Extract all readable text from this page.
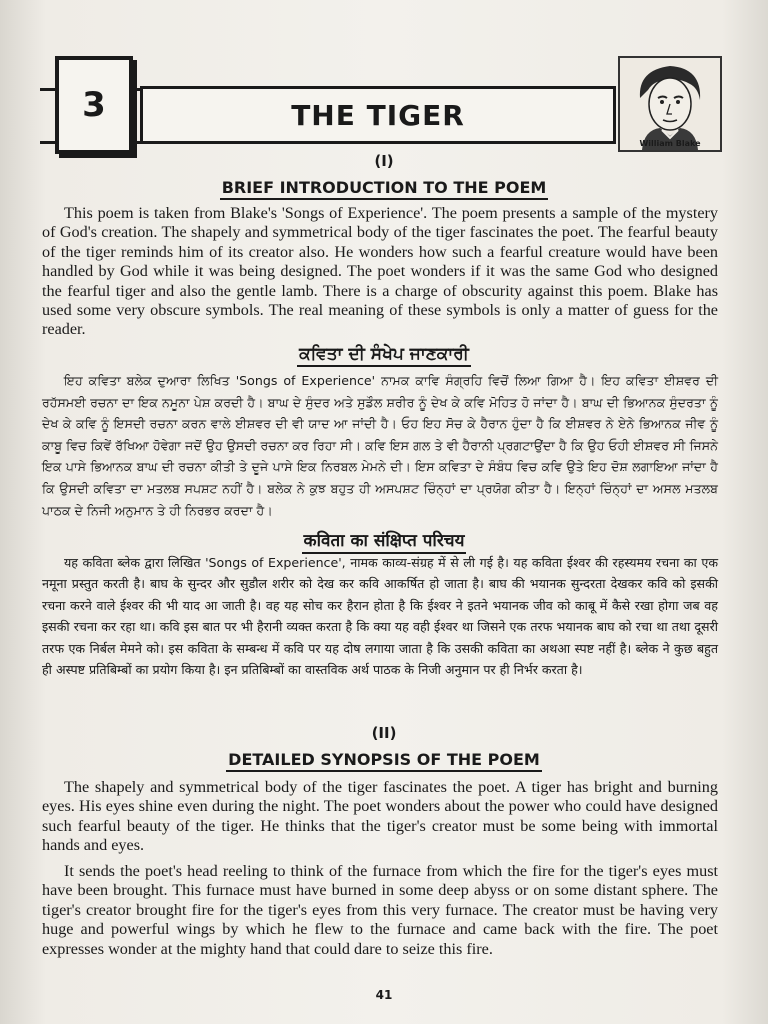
3	THE TIGER
William Blake
(I)
BRIEF INTRODUCTION TO THE POEM

This poem is taken from Blake's 'Songs of Experience'. The poem presents a sample of the mystery of God's creation. The shapely and symmetrical body of the tiger fascinates the poet. The fearful beauty of the tiger reminds him of its creator also. He wonders how such a fearful creature would have been handled by God while it was being designed. The poet wonders if it was the same God who designed the fearful tiger and also the gentle lamb. There is a charge of obscurity against this poem. Blake has used some very obscure symbols. The real meaning of these symbols is only a matter of guess for the reader.

ਕਵਿਤਾ ਦੀ ਸੰਖੇਪ ਜਾਣਕਾਰੀ

ਇਹ ਕਵਿਤਾ ਬਲੇਕ ਦੁਆਰਾ ਲਿਖਿਤ 'Songs of Experience' ਨਾਮਕ ਕਾਵਿ ਸੰਗ੍ਰਹਿ ਵਿਚੋਂ ਲਿਆ ਗਿਆ ਹੈ। ਇਹ ਕਵਿਤਾ ਈਸ਼ਵਰ ਦੀ ਰਹੱਸਮਈ ਰਚਨਾ ਦਾ ਇਕ ਨਮੂਨਾ ਪੇਸ਼ ਕਰਦੀ ਹੈ। ਬਾਘ ਦੇ ਸੁੰਦਰ ਅਤੇ ਸੁਡੌਲ ਸ਼ਰੀਰ ਨੂੰ ਦੇਖ ਕੇ ਕਵਿ ਮੋਹਿਤ ਹੋ ਜਾਂਦਾ ਹੈ। ਬਾਘ ਦੀ ਭਿਆਨਕ ਸੁੰਦਰਤਾ ਨੂੰ ਦੇਖ ਕੇ ਕਵਿ ਨੂੰ ਇਸਦੀ ਰਚਨਾ ਕਰਨ ਵਾਲੇ ਈਸ਼ਵਰ ਦੀ ਵੀ ਯਾਦ ਆ ਜਾਂਦੀ ਹੈ। ਓਹ ਇਹ ਸੋਚ ਕੇ ਹੈਰਾਨ ਹੁੰਦਾ ਹੈ ਕਿ ਈਸ਼ਵਰ ਨੇ ਏਨੇ ਭਿਆਨਕ ਜੀਵ ਨੂੰ ਕਾਬੂ ਵਿਚ ਕਿਵੇਂ ਰੱਖਿਆ ਹੋਵੇਗਾ ਜਦੋਂ ਉਹ ਉਸਦੀ ਰਚਨਾ ਕਰ ਰਿਹਾ ਸੀ। ਕਵਿ ਇਸ ਗਲ ਤੇ ਵੀ ਹੈਰਾਨੀ ਪ੍ਰਗਟਾਉਂਦਾ ਹੈ ਕਿ ਉਹ ਓਹੀ ਈਸ਼ਵਰ ਸੀ ਜਿਸਨੇ ਇਕ ਪਾਸੇ ਭਿਆਨਕ ਬਾਘ ਦੀ ਰਚਨਾ ਕੀਤੀ ਤੇ ਦੂਜੇ ਪਾਸੇ ਇਕ ਨਿਰਬਲ ਮੇਮਨੇ ਦੀ। ਇਸ ਕਵਿਤਾ ਦੇ ਸੰਬੰਧ ਵਿਚ ਕਵਿ ਉਤੇ ਇਹ ਦੋਸ਼ ਲਗਾਇਆ ਜਾਂਦਾ ਹੈ ਕਿ ਉਸਦੀ ਕਵਿਤਾ ਦਾ ਮਤਲਬ ਸਪਸ਼ਟ ਨਹੀਂ ਹੈ। ਬਲੇਕ ਨੇ ਕੁਝ ਬਹੁਤ ਹੀ ਅਸਪਸ਼ਟ ਚਿੰਨ੍ਹਾਂ ਦਾ ਪ੍ਰਯੋਗ ਕੀਤਾ ਹੈ। ਇਨ੍ਹਾਂ ਚਿੰਨ੍ਹਾਂ ਦਾ ਅਸਲ ਮਤਲਬ ਪਾਠਕ ਦੇ ਨਿਜੀ ਅਨੁਮਾਨ ਤੇ ਹੀ ਨਿਰਭਰ ਕਰਦਾ ਹੈ।

कविता का संक्षिप्त परिचय

यह कविता ब्लेक द्वारा लिखित 'Songs of Experience', नामक काव्य-संग्रह में से ली गई है। यह कविता ईश्वर की रहस्यमय रचना का एक नमूना प्रस्तुत करती है। बाघ के सुन्दर और सुडौल शरीर को देख कर कवि आकर्षित हो जाता है। बाघ की भयानक सुन्दरता देखकर कवि को इसकी रचना करने वाले ईश्वर की भी याद आ जाती है। वह यह सोच कर हैरान होता है कि ईश्वर ने इतने भयानक जीव को काबू में कैसे रखा होगा जब वह इसकी रचना कर रहा था। कवि इस बात पर भी हैरानी व्यक्त करता है कि क्या यह वही ईश्वर था जिसने एक तरफ भयानक बाघ को रचा था तथा दूसरी तरफ एक निर्बल मेमने को। इस कविता के सम्बन्ध में कवि पर यह दोष लगाया जाता है कि उसकी कविता का अथआ स्पष्ट नहीं है। ब्लेक ने कुछ बहुत ही अस्पष्ट प्रतिबिम्बों का प्रयोग किया है। इन प्रतिबिम्बों का वास्तविक अर्थ पाठक के निजी अनुमान पर ही निर्भर करता है।

(II)
DETAILED SYNOPSIS OF THE POEM

The shapely and symmetrical body of the tiger fascinates the poet. A tiger has bright and burning eyes. His eyes shine even during the night. The poet wonders about the power who could have designed such fearful beauty of the tiger. He thinks that the tiger's creator must be some being with immortal hands and eyes.

It sends the poet's head reeling to think of the furnace from which the fire for the tiger's eyes must have been brought. This furnace must have burned in some deep abyss or on some distant sphere. The tiger's creator brought fire for the tiger's eyes from this very furnace. The creator must be having very huge and powerful wings by which he flew to the furnace and came back with the fire. The poet expresses wonder at the mighty hand that could dare to seize this fire.

41
